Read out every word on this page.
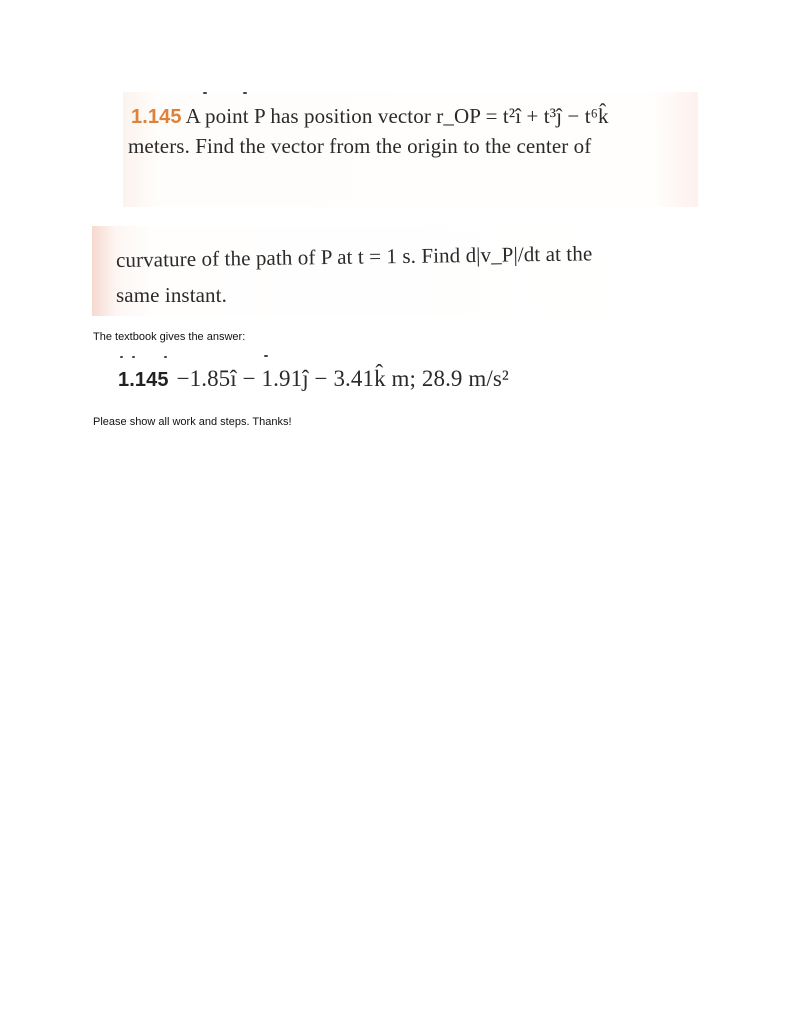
1.145 A point P has position vector r_OP = t²î + t³ĵ − t⁶k̂
meters. Find the vector from the origin to the center of
curvature of the path of P at t = 1 s. Find d|v_P|/dt at the
same instant.
The textbook gives the answer:
1.145 −1.85î − 1.91ĵ − 3.41k̂ m; 28.9 m/s²
Please show all work and steps. Thanks!
